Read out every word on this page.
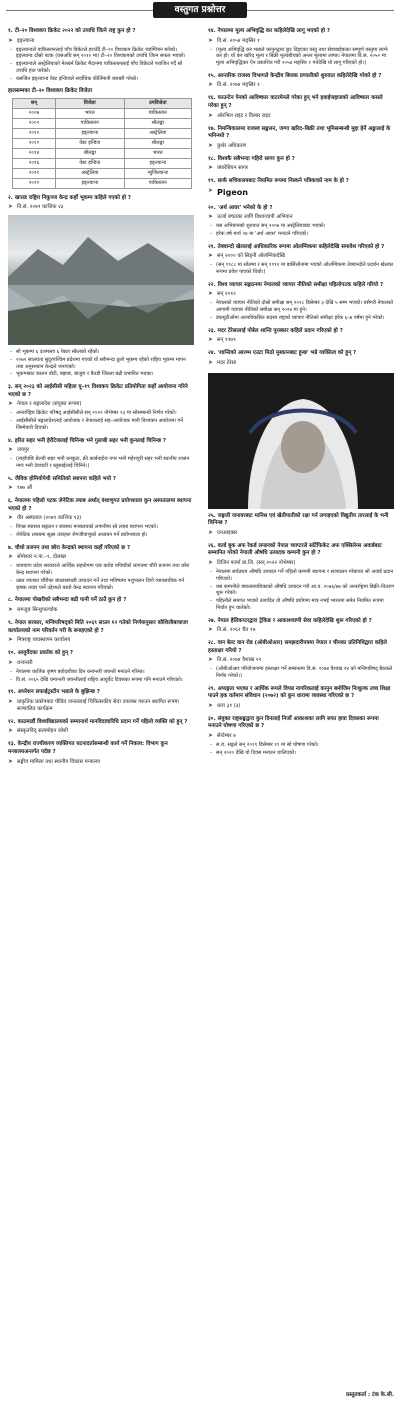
वस्तुगत प्रश्नोत्तर
१. टी–२० विश्वकप क्रिकेट २०२२ को उपाधि जित्ने राष्ट्र कुन हो ?
➤ इङ्ल्यान्ड
– इङ्ल्यान्डले पाकिस्तानलाई पाँच विकेटले हराउँदै टी–२० विश्वकप क्रिकेट च्याम्पियन बनेको। इङ्ल्यान्ड दोस्रो पटक (यसअघि सन् २०१० मा) टी–२० विश्वकपको उपाधि जित्न सफल भएको।
– इङ्ल्यान्डले अस्ट्रेलियाको मेलबर्न क्रिकेट मैदानमा पाकिस्तानलाई पाँच विकेटले पराजित गर्दै सो उपाधि हात पारेको।
– यसजित इङ्ल्यान्ड वेस्ट इन्डिजले सर्वाधिक कीर्तिमानी बराबरी गरेको।
हालसम्मका टी–२० विश्वकप क्रिकेट विजेता
सन्	विजेता	उपविजेता
२००७	भारत	पाकिस्तान
२००९	पाकिस्तान	श्रीलङ्का
२०१०	इङ्ल्यान्ड	अस्ट्रेलिया
२०१२	वेस्ट इन्डिज	श्रीलङ्का
२०१४	श्रीलङ्का	भारत
२०१६	वेस्ट इन्डिज	इङ्ल्यान्ड
२०२१	अस्ट्रेलिया	न्युजिल्यान्ड
२०२२	इङ्ल्यान्ड	पाकिस्तान
२. खप्तड राष्ट्रिय निकुञ्ज केन्द्र कहाँ भूकम्प कहिले गएको हो ?
➤ वि.सं. २०७९ कात्तिक २३
– सो भूकम्प ६ दशमलव ६ रेक्टर स्केलको रहेको।
– २०७२ सालयता सुदूरपश्चिम प्रदेशमा गएको यो सबैभन्दा ठूलो भूकम्प रहेको राष्ट्रिय भूकम्प मापन तथा अनुसन्धान केन्द्रले जनाएको।
– भूकम्पबाट कालन डोटी, बझाङ, बाजुरा र बैतडी जिल्ला बढी प्रभावित भएका।
३. सन् २०२३ को आईसीसी महिला यू–१९ विश्वकप क्रिकेट प्रतियोगिता कहाँ आयोजना गरिने भएको छ ?
➤ नेपाल र बङ्गलादेश (संयुक्त रूपमा)
– अन्तर्राष्ट्रिय क्रिकेट परिषद् आईसीसीले सन् २०२२ नोभेम्बर १३ मा सोसम्बन्धी निर्णय गरेको।
– आईसीसीले बङ्गलादेशलाई आयोजक र नेपाललाई सह–आयोजक मानी विश्वकप आयोजना गर्ने जिम्मेवारी दिएको।
४. हरित सहर भनी हेरीटेजलाई चिनिन्छ भने गुलाबी सहर भनी कुनलाई चिनिन्छ ?
➤ जयपुर
– (त्यहाँपछि बेल्जी सहर भनी धनकुटा, फ्री कार्बनाईज नगर भनी महेशपुरी सहर भनी स्थानीय शासन नगर भनी देवघाटी र ब्लुसाईलाई चिनिने।)
५. जैविक होमियोपेथी समितिको स्थापना कहिले भयो ?
➤ १७७ औं
६. नेपालमा पहिलो पटक जेनेटिक ल्याब अर्थात् वंशाणुगत प्रयोगशाला कुन अस्पतालमा स्थापना भएको हो ?
➤ वीर अस्पताल (२०७९ कात्तिक १३)
– विपन्न स्वास्थ्य सङ्गठन र स्वास्थ्य मन्त्रालयको लगानीमा सो ल्याब स्थापना भएको।
– जेनेटिक ल्याबमा सूक्ष्म तत्वहरू रोगजीवाणुको अध्ययन गर्ने प्रयोगशाला हो।
७. चौथो प्रजनन तथा छोरा केन्द्रको स्थापना कहाँ गरिएको छ ?
➤ सोमेश्वर न.पा.–१, दोलखा
– थारुवागा प्रदेश सरकारले आर्थिक सहयोगमा एक करोड रुपियाँको लागतमा चौंरी प्रजनन तथा छोरा केन्द्र स्थापना गरेको।
– उन्नत जातका चौंरीका बाच्छाबाच्छी उत्पादन गर्ने तथा भविष्यमा पशुपालन दिगो व्यावसायिक गर्न कृषक तयार पार्ने उद्देश्यले यस्तो केन्द्र स्थापना गरिएको।
८. नेपालमा पोखरीको सबैभन्दा बढी पानी पर्ने ठाउँ कुन हो ?
➤ लमजुङ सिन्धुपाल्चोक
९. नेपाल सरकार, मन्त्रिपरिषद्को मिति २०६९ साउन १२ गतेको निर्णयानुसार कौशिलीबाचाजा कार्यालयको नाम परिवर्तन गरी के बनाइएको हो ?
➤ मित्रराष्ट्र व्यवस्थापन कार्यालय
१०. आयुर्वेदका प्रवर्तक को हुन् ?
➤ धन्वन्तरी
– नेपालमा कार्तिक कृष्ण त्रयोदशीका दिन धन्वन्तरी जयन्ती मनाउने गरिन्छ।
– वि.सं. २०६५ देखि धन्वन्तरी जयन्तीलाई राष्ट्रिय आयुर्वेद दिवसका रूपमा पनि मनाउने गरिएको।
११. अपरेशन सफाईट्रस्टीन भन्नाले के बुझिन्छ ?
➤ प्राकृतिक प्रकोपबाट पीडित जनतालाई चिकित्सकीय सेवा उपलब्ध गराउन स्थापित रूपमा सञ्चालित कार्यक्रम
१२. काठमाडौं विश्वविद्यालयको सम्मानार्थ मानविदावारिधि प्रदान गर्ने पहिलो व्यक्ति को हुन् ?
➤ संस्कृतविद् सत्यमोहन जोशी
१३. केन्द्रीय राज्यीकरण व्यक्तिगत घटनादर्तासम्बन्धी कार्य गर्ने निकाय: विभाग कुन मन्त्रालयअन्तर्गत पर्दछ ?
➤ सङ्घीय मामिला तथा स्थानीय विकास मन्त्रालय
१४. नेपालमा मूल्य अभिवृद्धि कर कहिलेदेखि लागू भएको हो ?
➤ वि.सं. २०५४ मङ्सिर १
– (मूल्य अभिवृद्धि कर भन्नाले कानुनद्वारा छुट दिइएका वस्तु तथा सेवाबाहेकका सम्पूर्ण वस्तुमा लाग्ने कर हो। यो कर खरिद मूल्य र बिक्री मूल्यबीचको अन्तर मूल्यमा लाग्छ। नेपालमा वि.सं. २०५२ मा मूल्य अभिवृद्धिकर ऐन प्रकाशित गरी २०५४ मङ्सिर १ गतेदेखि यो लागू गरिएको हो।)
१५. आन्तरिक राजस्व विभागले केन्द्रीय बिजक प्रणालीको शुरुवात कहिलेदेखि गरेको हो ?
➤ वि.सं. २०७४ मङ्सिर १
१६. फाउन्टेन पेनको आविष्कार वाटरमेनले गरेका हुन् भने हवाईजहाजको आविष्कार कसले गरेका हुन् ?
➤ ओरभिल राइट र विल्बर राइट
१७. निमन्त्रिकालमा राजस्व सङ्कलन, जग्गा खरिद–बिक्री तथा भूमिसम्बन्धी मुद्दा हेर्ने अड्डालाई के भनिन्थ्यो ?
➤ कुथेर अधिकरण
१८. विश्वकै सबैभन्दा गहिरो सागर कुन हो ?
➤ क्यारेबियन सागर
१९. सार्क सचिवालयबाट नियमित रूपमा निस्कने पत्रिकाको नाम के हो ?
➤ Pigeon
२०. 'अर्थ आवर' भनेको के हो ?
➤ ऊर्जा बचतका लागि विश्वव्यापी अभियान
– यस अभियानको शुरुवात सन् २००७ मा अस्ट्रेलियाबाट भएको।
– हरेक वर्ष मार्च २४ मा 'अर्थ आवर' मनाउने गरिएको।
२१. तेक्वान्दो खेललाई आधिकारिक रूपमा ओलम्पिकमा कहिलेदेखि समावेश गरिएको हो ?
➤ सन् २००० को सिड्नी ओलम्पिकदेखि
– (सन् १९८८ मा सोलमा र सन् १९९२ मा बार्सिलोनामा भएको ओलम्पिकमा तेक्वान्दोले प्रदर्शन खेलका रूपमा प्रवेश पाएको थियो।)
२२. विश्व व्यापार सङ्गठनमा नेपालको व्यापार नीतिको समीक्षा पहिलोपटक कहिले गरियो ?
➤ सन् २०१२
– नेपालको व्यापार नीतिको दोस्रो समीक्षा सन् २०१८ डिसेम्बर ३ देखि ५ सम्म भएको। यसैगरी नेपालको आगामी व्यापार नीतिको समीक्षा सन् २०२४ मा हुने।
– डब्ल्युटीओमा अल्पविकसित सदस्य राष्ट्रको व्यापार नीतिको समीक्षा हरेक ६–७ वर्षमा हुने गरेको।
२३. मदर टेरेसालाई नोबेल शान्ति पुरस्कार कहिले प्रदान गरिएको हो ?
➤ सन् १९७९
२४. 'शान्तिको आरम्भ एउटा मिठो मुस्कानबाट हुन्छ' भन्ने व्यक्तित्व को हुन् ?
➤ मदर टेरेसा
२५. जङ्गली जनावरबाट मानिस एवं खेतीपातीको रक्षा गर्न लगाइएको विद्युतीय तारलाई के भनी चिनिन्छ ?
➤ एनआइक्स
२६. वर्ल्ड बुक अफ रेकर्ड लन्डनको नेपाल च्याप्टरले सर्टिफिकेट अफ एक्सिलेन्स अवार्डबाट सम्मानित गरेको नेपाली औषधि उत्पादक कम्पनी कुन हो ?
➤ टिजिन फार्मा प्रा.लि. (सन् २०२२ नोभेम्बर)
– नेपालमा सर्वप्रथम औषधि उत्पादन गर्ने पहिलो कम्पनी स्थापना र सञ्चालन गरेबापत सो अवार्ड प्रदान गरिएको।
– यस कम्पनीले क्याल्सायबिक्टको औषधि उत्पादन गरी आ.व. २०७६/७७ को अन्तर्राष्ट्रमा बिक्री–वितरण शुरू गरेको।
– पहिल्यैले समाप्त भएको उत्पादित यो औषधि प्रयोगमा मात्र नभई भारतमा समेत नियमित रूपमा निर्यात हुन थालेको।
२७. नेपाल हेलिकप्टरद्वारा ट्रेकिङ र आकाशवाणी सेवा कहिलेदेखि शुरू गरिएको हो ?
➤ वि.सं. २०६२ चैत १७
२८. वान बेल्ट वान रोड (ओबीओआर) समझदारीपत्रमा नेपाल र चीनका प्रतिनिधिद्वारा कहिले हस्ताक्षर गरियो ?
➤ वि.सं. २०७४ वैशाख २९
– (ओबीओआर परियोजनामा हस्ताक्षर गर्ने सम्बन्धमा वि.सं. २०७४ वैशाख २४ को मन्त्रिपरिषद् बैठकले निर्णय गरेको।)
२९. अपाङ्गता भएका र आर्थिक रूपले विपन्न नागरिकलाई कानुन बमोजिम निःशुल्क उच्च शिक्षा पाउने हक वर्तमान संविधान (२०७२) को कुन धारामा व्यवस्था गरिएको छ ?
➤ धारा ३१ (३)
३०. संयुक्त राष्ट्रसङ्घद्वारा कुन दिनलाई निर्जो आकाशका लागि सफा हावा दिवसका रूपमा मनाउने घोषणा गरिएको छ ?
➤ सेप्टेम्बर ७
– स.रा. सङ्घले सन् २०१९ डिसेम्बर १९ मा सो घोषणा गरेको।
– सन् २०२० देखि यो दिवस मनाउन थालिएको।
प्रस्तुतकर्ता : टंक के.सी.
